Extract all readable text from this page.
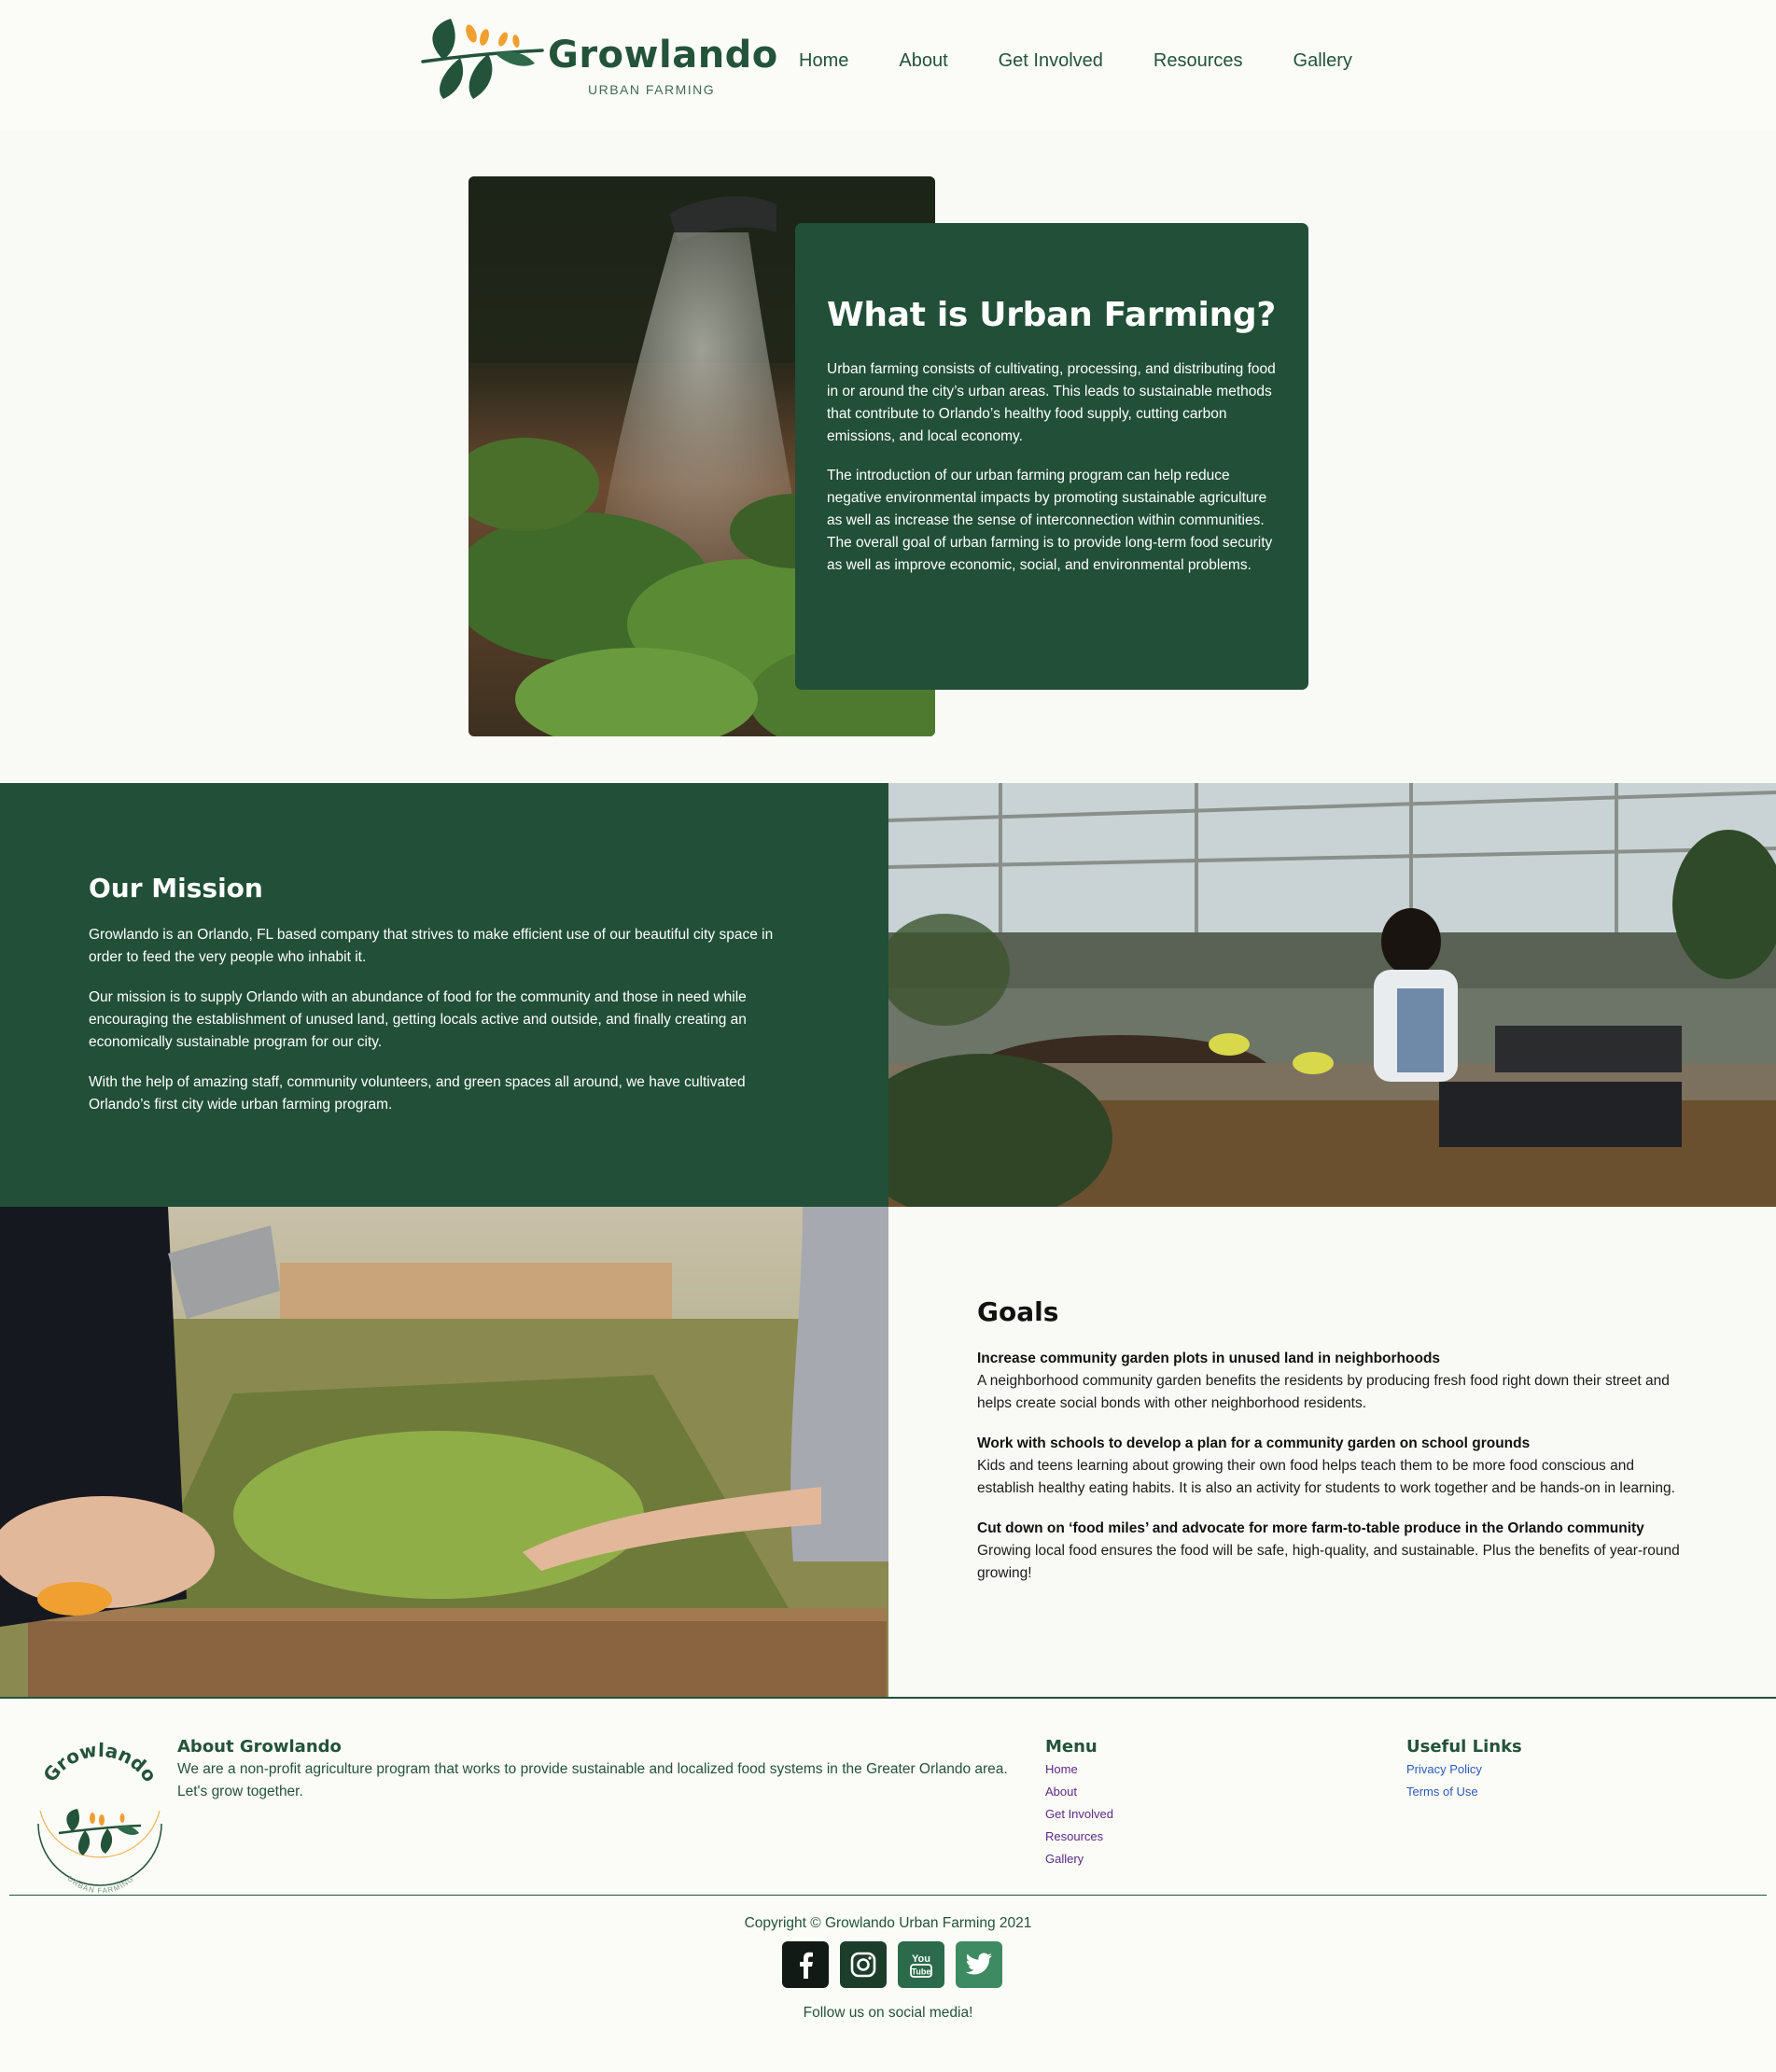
Growlando
URBAN FARMING
Home	About	Get Involved	Resources	Gallery
What is Urban Farming?

Urban farming consists of cultivating, processing, and distributing food in or around the city’s urban areas. This leads to sustainable methods that contribute to Orlando’s healthy food supply, cutting carbon emissions, and local economy.

The introduction of our urban farming program can help reduce negative environmental impacts by promoting sustainable agriculture as well as increase the sense of interconnection within communities. The overall goal of urban farming is to provide long-term food security as well as improve economic, social, and environmental problems.

Our Mission

Growlando is an Orlando, FL based company that strives to make efficient use of our beautiful city space in order to feed the very people who inhabit it.

Our mission is to supply Orlando with an abundance of food for the community and those in need while encouraging the establishment of unused land, getting locals active and outside, and finally creating an economically sustainable program for our city.

With the help of amazing staff, community volunteers, and green spaces all around, we have cultivated Orlando’s first city wide urban farming program.

Goals
Increase community garden plots in unused land in neighborhoods

A neighborhood community garden benefits the residents by producing fresh food right down their street and helps create social bonds with other neighborhood residents.

Work with schools to develop a plan for a community garden on school grounds

Kids and teens learning about growing their own food helps teach them to be more food conscious and establish healthy eating habits. It is also an activity for students to work together and be hands-on in learning.

Cut down on ‘food miles’ and advocate for more farm-to-table produce in the Orlando community

Growing local food ensures the food will be safe, high-quality, and sustainable. Plus the benefits of year-round growing!

Growlando
URBAN FARMING
About Growlando

We are a non-profit agriculture program that works to provide sustainable and localized food systems in the Greater Orlando area. Let's grow together.

Menu
Home
About
Get Involved
Resources
Gallery
Useful Links
Privacy Policy
Terms of Use
Copyright © Growlando Urban Farming 2021
You
Tube
Follow us on social media!
